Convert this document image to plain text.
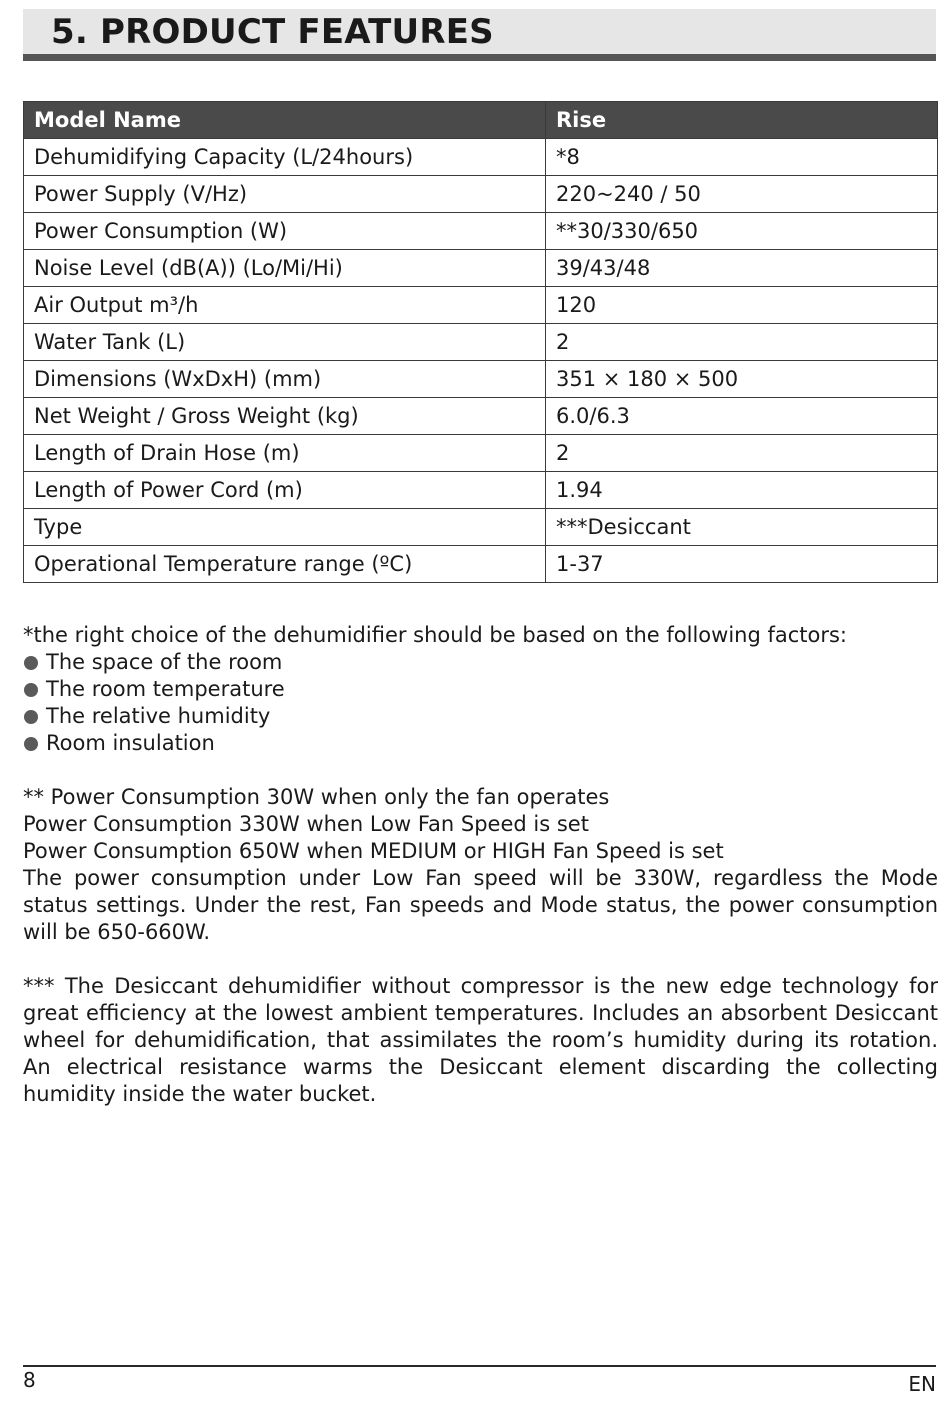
5. PRODUCT FEATURES
Model Name	Rise
Dehumidifying Capacity (L/24hours)	*8
Power Supply (V/Hz)	220~240 / 50
Power Consumption (W)	**30/330/650
Noise Level (dB(A)) (Lo/Mi/Hi)	39/43/48
Air Output m³/h	120
Water Tank (L)	2
Dimensions (WxDxH) (mm)	351 × 180 × 500
Net Weight / Gross Weight (kg)	6.0/6.3
Length of Drain Hose (m)	2
Length of Power Cord (m)	1.94
Type	***Desiccant
Operational Temperature range (ºC)	1-37

*the right choice of the dehumidifier should be based on the following factors:

The space of the room
The room temperature
The relative humidity
Room insulation

** Power Consumption 30W when only the fan operates

Power Consumption 330W when Low Fan Speed is set

Power Consumption 650W when MEDIUM or HIGH Fan Speed is set

The power consumption under Low Fan speed will be 330W, regardless the Mode status settings. Under the rest, Fan speeds and Mode status, the power consumption will be 650-660W.

*** The Desiccant dehumidifier without compressor is the new edge technology for great efficiency at the lowest ambient temperatures. Includes an absorbent Desiccant wheel for dehumidification, that assimilates the room’s humidity during its rotation. An electrical resistance warms the Desiccant element discarding the collecting humidity inside the water bucket.

8	EN
